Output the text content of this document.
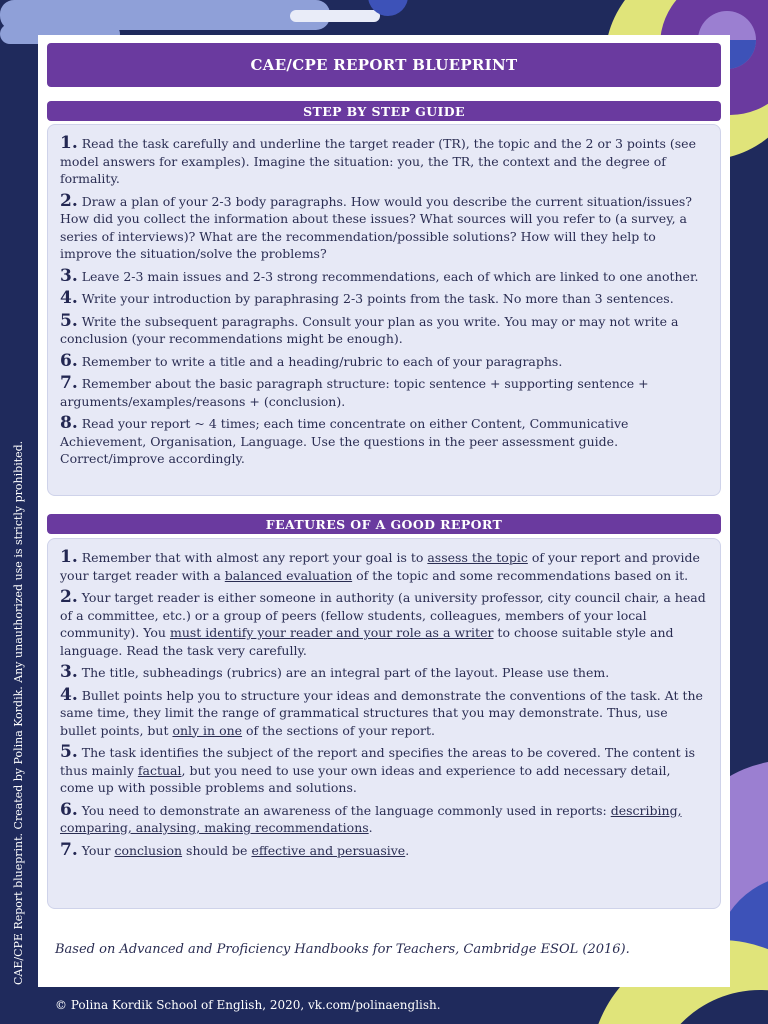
CAE/CPE REPORT BLUEPRINT
STEP BY STEP GUIDE
1. Read the task carefully and underline the target reader (TR), the topic and the 2 or 3 points (see model answers for examples). Imagine the situation: you, the TR, the context and the degree of formality.
2. Draw a plan of your 2-3 body paragraphs. How would you describe the current situation/issues?How did you collect the information about these issues? What sources will you refer to (a survey, a series of interviews)? What are the recommendation/possible solutions? How will they help to improve the situation/solve the problems?
3. Leave 2-3 main issues and 2-3 strong recommendations, each of which are linked to one another.
4. Write your introduction by paraphrasing 2-3 points from the task. No more than 3 sentences.
5. Write the subsequent paragraphs. Consult your plan as you write. You may or may not write a conclusion (your recommendations might be enough).
6. Remember to write a title and a heading/rubric to each of your paragraphs.
7. Remember about the basic paragraph structure: topic sentence + supporting sentence + arguments/examples/reasons + (conclusion).
8. Read your report ~ 4 times; each time concentrate on either Content, Communicative Achievement, Organisation, Language. Use the questions in the peer assessment guide. Correct/improve accordingly.
FEATURES OF A GOOD REPORT
1. Remember that with almost any report your goal is to assess the topic of your report and provide your target reader with a balanced evaluation of the topic and some recommendations based on it.
2. Your target reader is either someone in authority (a university professor, city council chair, a head of a committee, etc.) or a group of peers (fellow students, colleagues, members of your local community). You must identify your reader and your role as a writer to choose suitable style and language. Read the task very carefully.
3. The title, subheadings (rubrics) are an integral part of the layout. Please use them.
4. Bullet points help you to structure your ideas and demonstrate the conventions of the task. At the same time, they limit the range of grammatical structures that you may demonstrate. Thus, use bullet points, but only in one of the sections of your report.
5. The task identifies the subject of the report and specifies the areas to be covered. The content is thus mainly factual, but you need to use your own ideas and experience to add necessary detail, come up with possible problems and solutions.
6. You need to demonstrate an awareness of the language commonly used in reports: describing, comparing, analysing, making recommendations.
7. Your conclusion should be effective and persuasive.
Based on Advanced and Proficiency Handbooks for Teachers, Cambridge ESOL (2016).
CAE/CPE Report blueprint. Created by Polina Kordik. Any unauthorized use is strictly prohibited.
© Polina Kordik School of English, 2020, vk.com/polinaenglish.
